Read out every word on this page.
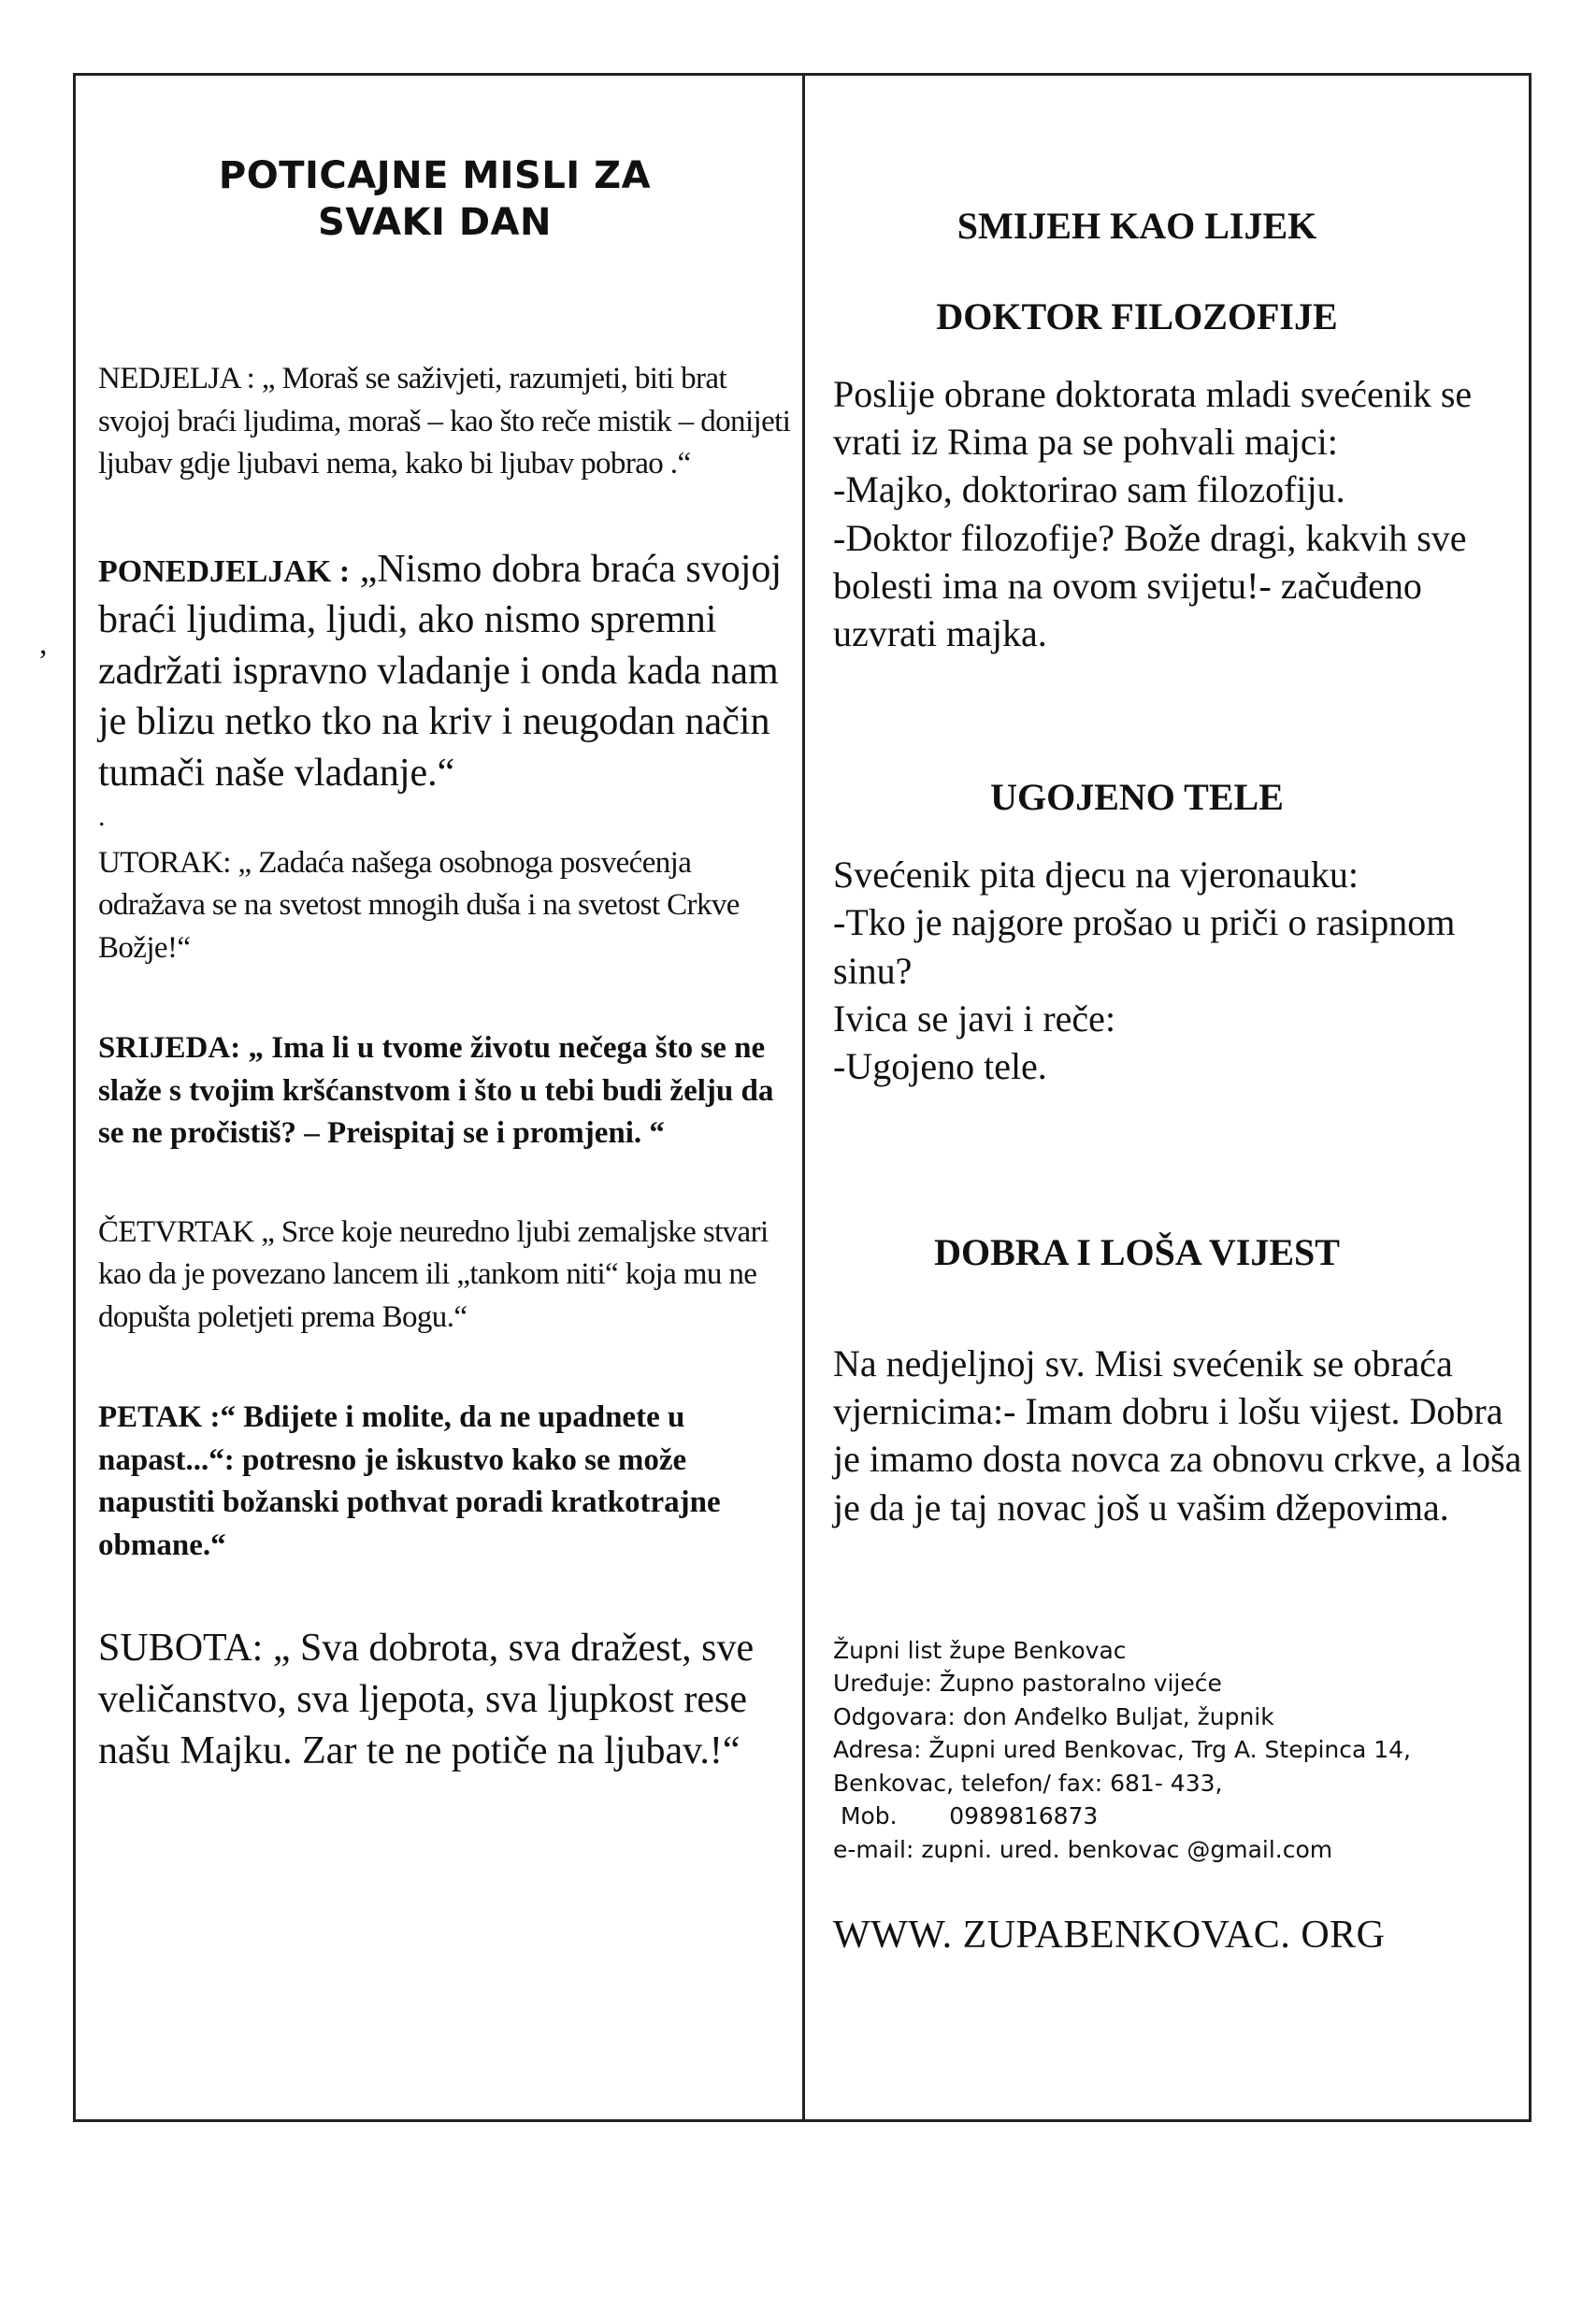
,
POTICAJNE MISLI ZA
SVAKI DAN

NEDJELJA : „ Moraš se saživjeti, razumjeti, biti brat svojoj braći ljudima, moraš – kao što reče mistik – donijeti ljubav gdje ljubavi nema, kako bi ljubav pobrao .“

PONEDJELJAK : „Nismo dobra braća svojoj braći ljudima, ljudi, ako nismo spremni zadržati ispravno vladanje i onda kada nam je blizu netko tko na kriv i neugodan način tumači naše vladanje.“

.

UTORAK: „ Zadaća našega osobnoga posvećenja odražava se na svetost mnogih duša i na svetost Crkve Božje!“

SRIJEDA: „ Ima li u tvome životu nečega što se ne slaže s tvojim kršćanstvom i što u tebi budi želju da se ne pročistiš? – Preispitaj se i promjeni. “

ČETVRTAK „ Srce koje neuredno ljubi zemaljske stvari kao da je povezano lancem ili „tankom niti“ koja mu ne dopušta poletjeti prema Bogu.“

PETAK :“ Bdijete i molite, da ne upadnete u napast...“: potresno je iskustvo kako se može napustiti božanski pothvat poradi kratkotrajne obmane.“

SUBOTA: „ Sva dobrota, sva dražest, sve veličanstvo, sva ljepota, sva ljupkost rese našu Majku. Zar te ne potiče na ljubav.!“

SMIJEH KAO LIJEK
DOKTOR FILOZOFIJE

Poslije obrane doktorata mladi svećenik se vrati iz Rima pa se pohvali majci:
-Majko, doktorirao sam filozofiju.
-Doktor filozofije? Bože dragi, kakvih sve bolesti ima na ovom svijetu!- začuđeno uzvrati majka.

UGOJENO TELE

Svećenik pita djecu na vjeronauku:
-Tko je najgore prošao u priči o rasipnom sinu?
Ivica se javi i reče:
-Ugojeno tele.

DOBRA I LOŠA VIJEST

Na nedjeljnoj sv. Misi svećenik se obraća vjernicima:- Imam dobru i lošu vijest. Dobra je imamo dosta novca za obnovu crkve, a loša je da je taj novac još u vašim džepovima.

Župni list župe Benkovac
Uređuje: Župno pastoralno vijeće
Odgovara: don Anđelko Buljat, župnik
Adresa: Župni ured Benkovac, Trg A. Stepinca 14,
Benkovac, telefon/ fax: 681- 433,
Mob.       0989816873
e-mail: zupni. ured. benkovac @gmail.com

WWW. ZUPABENKOVAC. ORG
